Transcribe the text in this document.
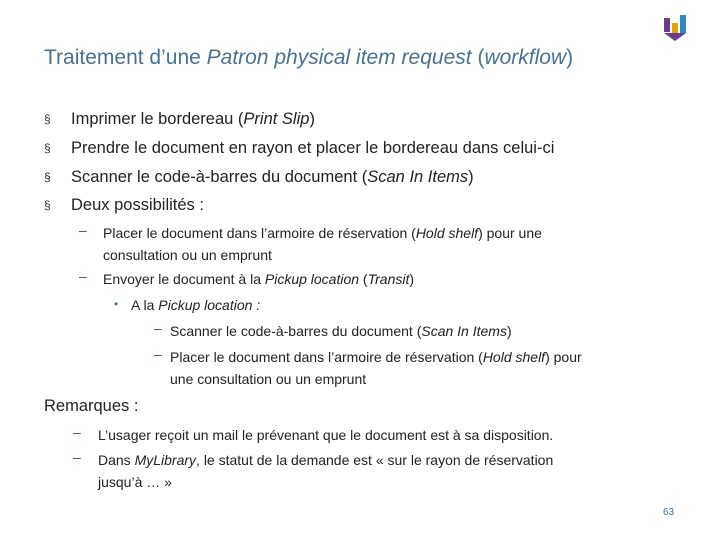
Traitement d’une Patron physical item request (workflow)
§ Imprimer le bordereau (Print Slip)
§ Prendre le document en rayon et placer le bordereau dans celui-ci
§ Scanner le code-à-barres du document (Scan In Items)
§ Deux possibilités :
– Placer le document dans l’armoire de réservation (Hold shelf) pour une
consultation ou un emprunt
– Envoyer le document à la Pickup location (Transit)
• A la Pickup location :
– Scanner le code-à-barres du document (Scan In Items)
– Placer le document dans l’armoire de réservation (Hold shelf) pour
une consultation ou un emprunt
Remarques :
– L’usager reçoit un mail le prévenant que le document est à sa disposition.
– Dans MyLibrary, le statut de la demande est « sur le rayon de réservation
jusqu’à … »
63
